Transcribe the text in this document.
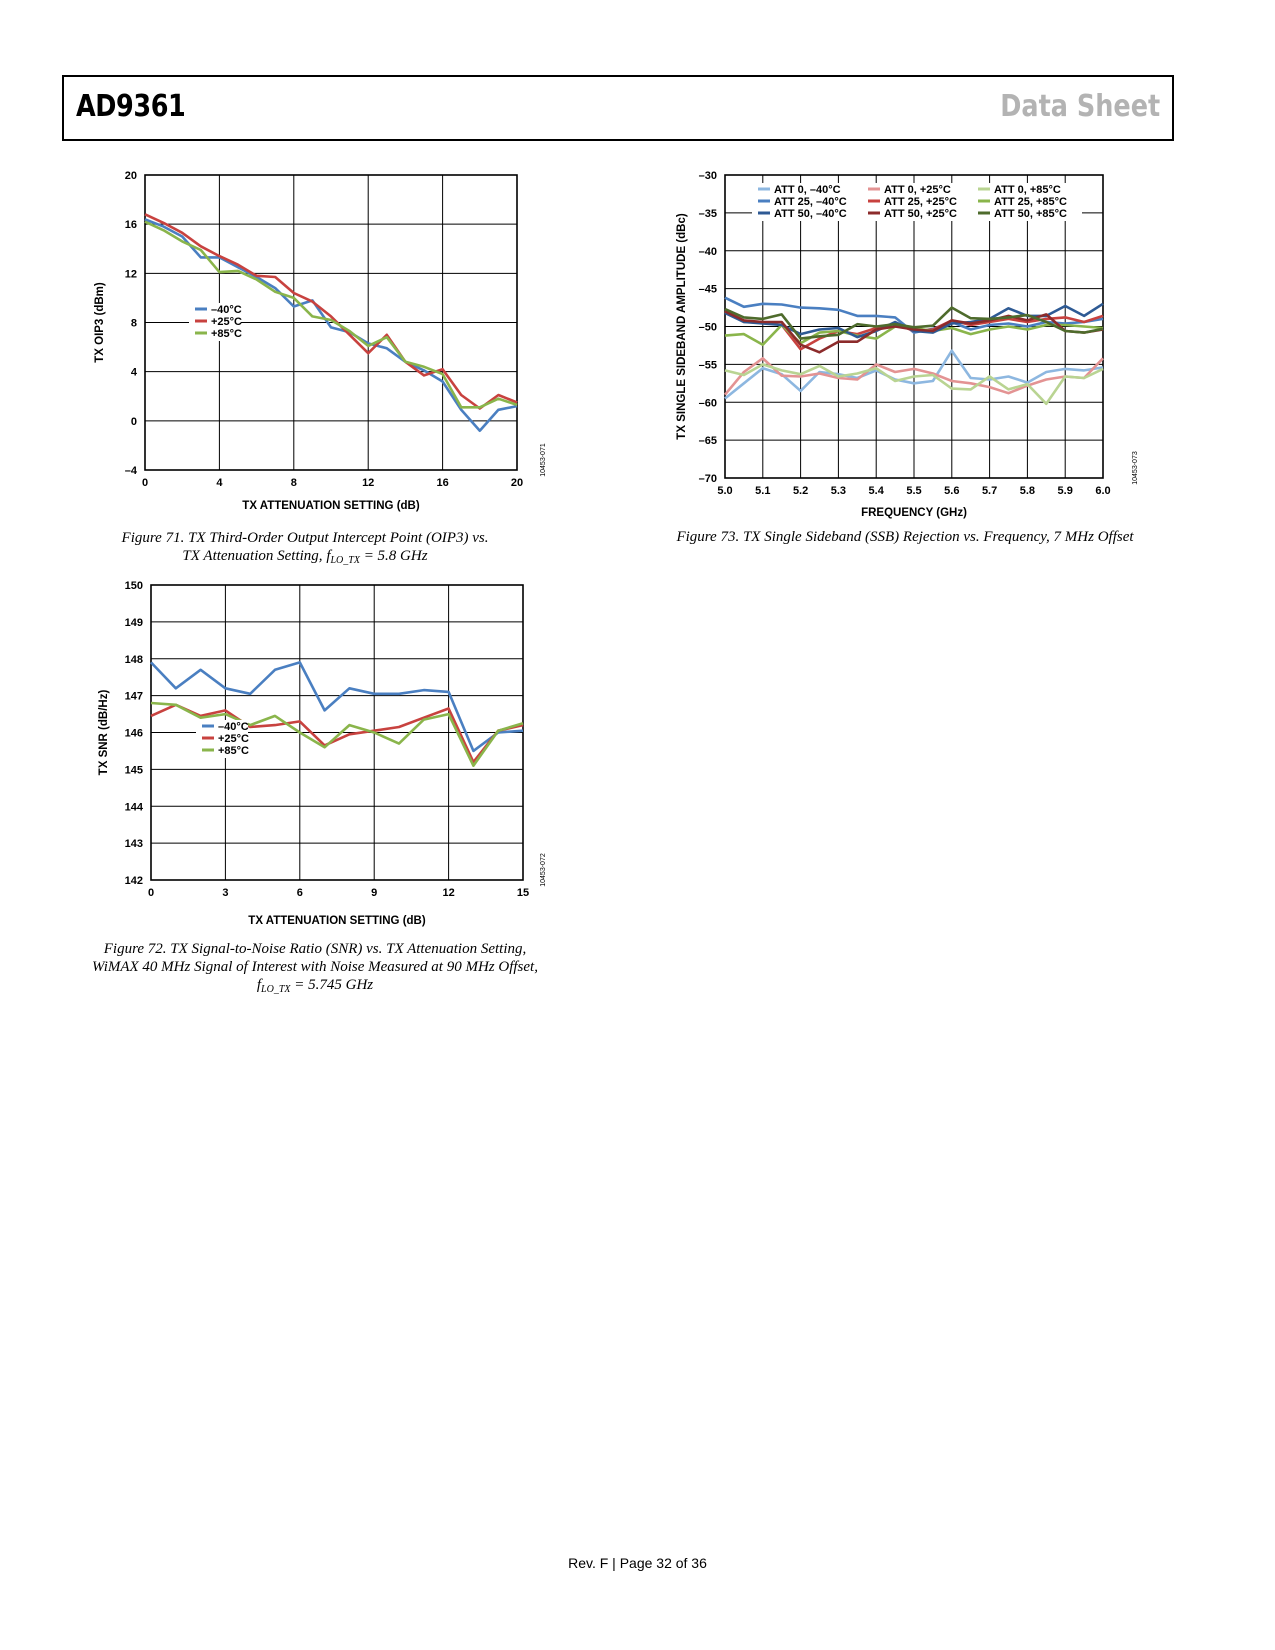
AD9361	Data Sheet
0	4	8	12	16	20
–4
0
4
8
12
16
20
TX ATTENUATION SETTING (dB)
TX OIP3 (dBm)
10453-071
–40°C
+25°C
+85°C
Figure 71. TX Third-Order Output Intercept Point (OIP3) vs.
TX Attenuation Setting, $f_{LO\_TX} = 5.8$ GHz
0	3	6	9	12	15
142
143
144
145
146
147
148
149
150
TX ATTENUATION SETTING (dB)
TX SNR (dB/Hz)
10453-072
–40°C
+25°C
+85°C
Figure 72. TX Signal-to-Noise Ratio (SNR) vs. TX Attenuation Setting,
WiMAX 40 MHz Signal of Interest with Noise Measured at 90 MHz Offset,
$f_{LO\_TX} = 5.745$ GHz
5.0 5.1 5.2 5.3 5.4 5.5 5.6 5.7 5.8 5.9 6.0
–70
–65
–60
–55
–50
–45
–40
–35
–30
FREQUENCY (GHz)
TX SINGLE SIDEBAND AMPLITUDE (dBc)
10453-073
ATT 0, –40°C	ATT 0, +25°C	ATT 0, +85°C
ATT 25, –40°C	ATT 25, +25°C	ATT 25, +85°C
ATT 50, –40°C	ATT 50, +25°C	ATT 50, +85°C
Figure 73. TX Single Sideband (SSB) Rejection vs. Frequency, 7 MHz Offset
Rev. F | Page 32 of 36
